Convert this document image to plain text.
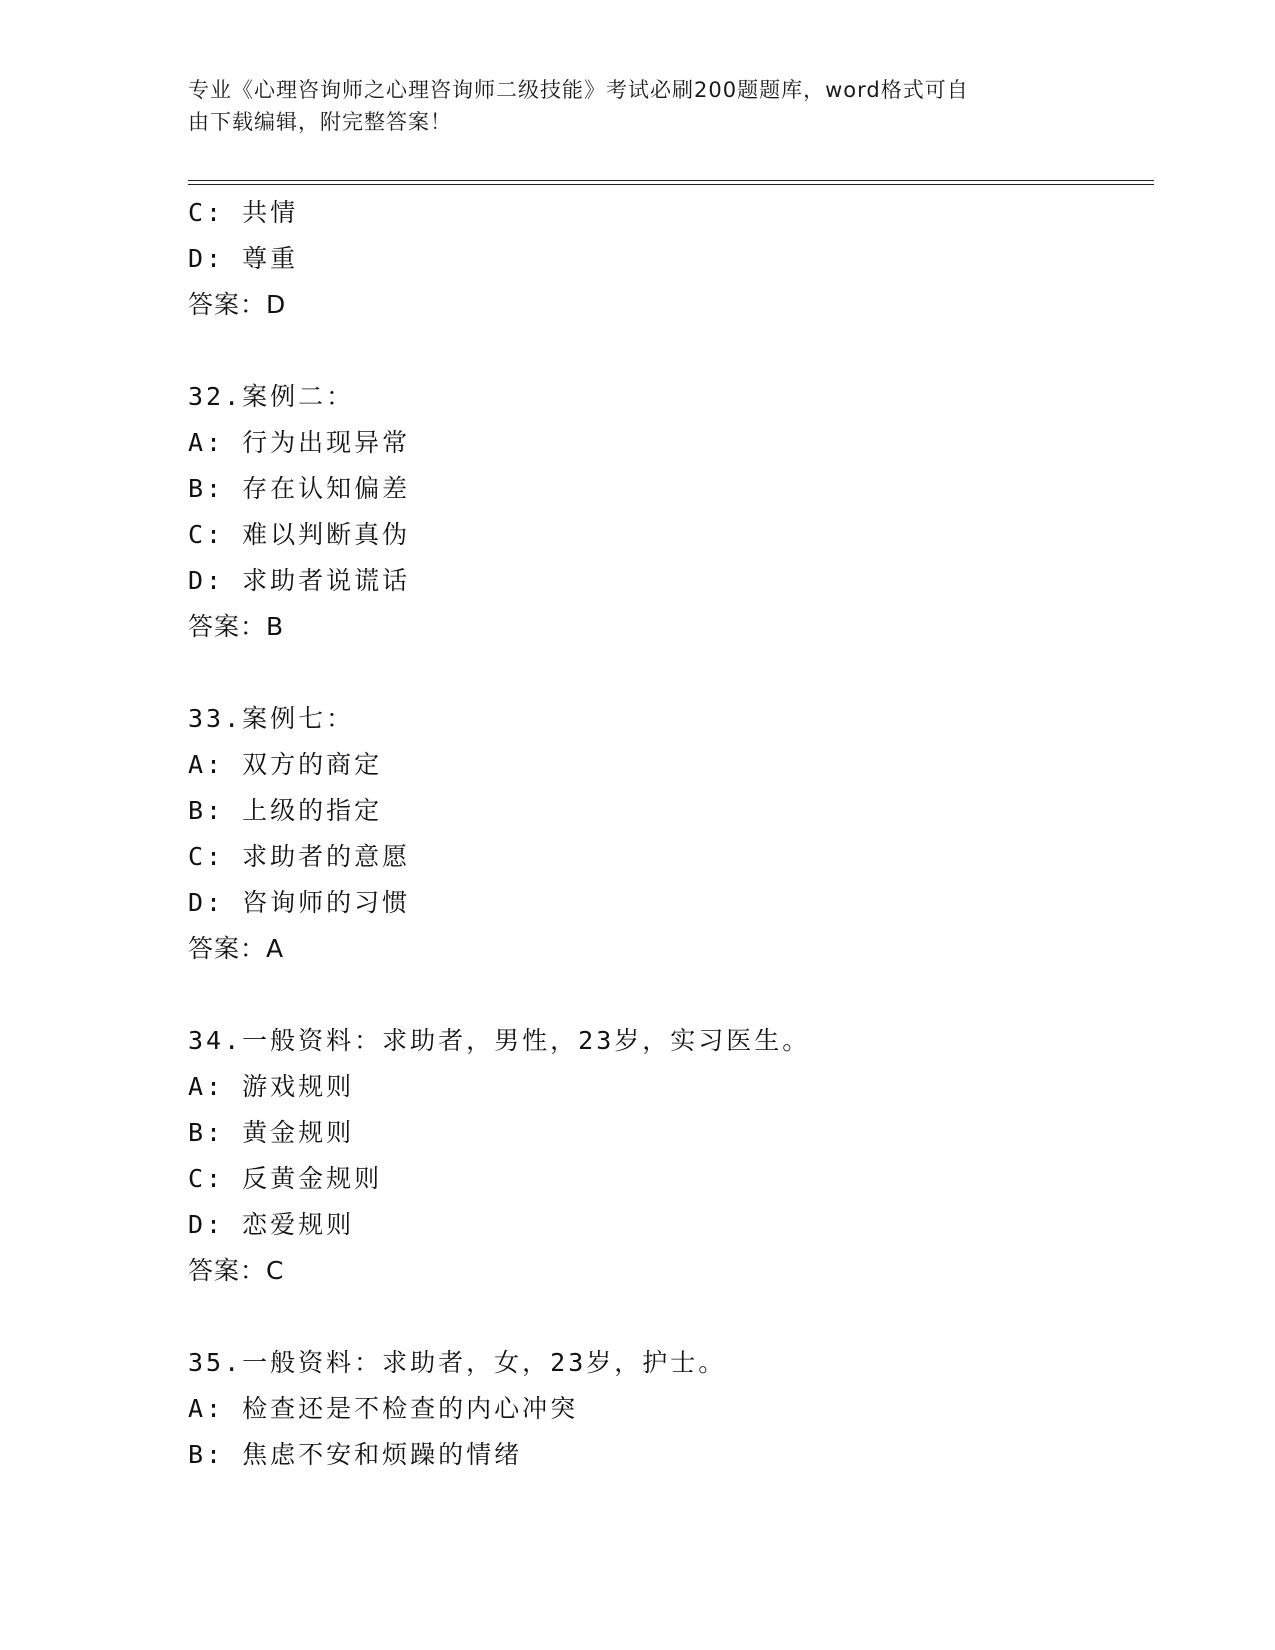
专业《心理咨询师之心理咨询师二级技能》考试必刷200题题库，word格式可自
由下载编辑，附完整答案！
C: 共情
D: 尊重
答案：D
32.案例二：
A: 行为出现异常
B: 存在认知偏差
C: 难以判断真伪
D: 求助者说谎话
答案：B
33.案例七：
A: 双方的商定
B: 上级的指定
C: 求助者的意愿
D: 咨询师的习惯
答案：A
34.一般资料：求助者，男性，23岁，实习医生。
A: 游戏规则
B: 黄金规则
C: 反黄金规则
D: 恋爱规则
答案：C
35.一般资料：求助者，女，23岁，护士。
A: 检查还是不检查的内心冲突
B: 焦虑不安和烦躁的情绪
